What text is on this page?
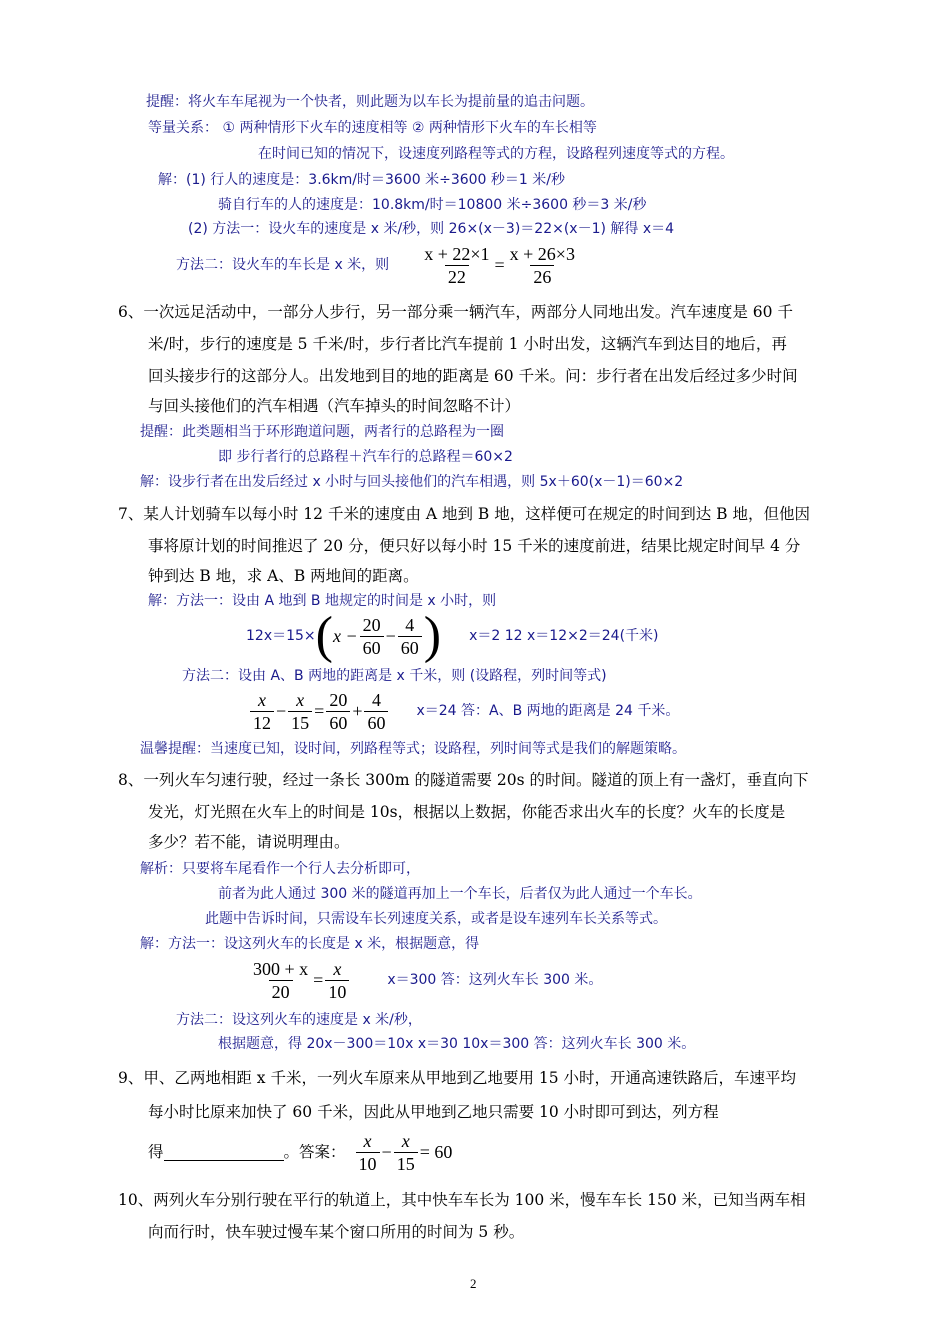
提醒：将火车车尾视为一个快者，则此题为以车长为提前量的追击问题。
等量关系： ① 两种情形下火车的速度相等 ② 两种情形下火车的车长相等
在时间已知的情况下，设速度列路程等式的方程，设路程列速度等式的方程。
解：(1) 行人的速度是：3.6km/时＝3600 米÷3600 秒＝1 米/秒
骑自行车的人的速度是：10.8km/时＝10800 米÷3600 秒＝3 米/秒
(2) 方法一：设火车的速度是 x 米/秒，则 26×(x－3)＝22×(x－1) 解得 x＝4
方法二：设火车的车长是 x 米，则 $\frac{x + 22\times 1}{22} = \frac{x + 26\times 3}{26}$
6、一次远足活动中，一部分人步行，另一部分乘一辆汽车，两部分人同地出发。汽车速度是 60 千
米/时，步行的速度是 5 千米/时，步行者比汽车提前 1 小时出发，这辆汽车到达目的地后，再
回头接步行的这部分人。出发地到目的地的距离是 60 千米。问：步行者在出发后经过多少时间
与回头接他们的汽车相遇（汽车掉头的时间忽略不计）
提醒：此类题相当于环形跑道问题，两者行的总路程为一圈
即 步行者行的总路程＋汽车行的总路程＝60×2
解：设步行者在出发后经过 x 小时与回头接他们的汽车相遇，则 5x＋60(x－1)＝60×2
7、某人计划骑车以每小时 12 千米的速度由 A 地到 B 地，这样便可在规定的时间到达 B 地，但他因
事将原计划的时间推迟了 20 分，便只好以每小时 15 千米的速度前进，结果比规定时间早 4 分
钟到达 B 地，求 A、B 两地间的距离。
解：方法一：设由 A 地到 B 地规定的时间是 x 小时，则
12x＝15× ( $x - \frac{20}{60} - \frac{4}{60}$ ) x＝2 12 x＝12×2＝24(千米)
方法二：设由 A、B 两地的距离是 x 千米，则 (设路程，列时间等式)
$\frac{x}{12} - \frac{x}{15} = \frac{20}{60} + \frac{4}{60} x=24$ 答：A、B 两地的距离是 24 千米。
温馨提醒：当速度已知，设时间，列路程等式；设路程，列时间等式是我们的解题策略。
8、一列火车匀速行驶，经过一条长 300m 的隧道需要 20s 的时间。隧道的顶上有一盏灯，垂直向下
发光，灯光照在火车上的时间是 10s，根据以上数据，你能否求出火车的长度？火车的长度是
多少？若不能，请说明理由。
解析：只要将车尾看作一个行人去分析即可，
前者为此人通过 300 米的隧道再加上一个车长，后者仅为此人通过一个车长。
此题中告诉时间，只需设车长列速度关系，或者是设车速列车长关系等式。
解：方法一：设这列火车的长度是 x 米，根据题意，得
$\frac{300 + x}{20} = \frac{x}{10}$	x＝300 答：这列火车长 300 米。
方法二：设这列火车的速度是 x 米/秒，
根据题意，得 20x－300＝10x x＝30 10x＝300 答：这列火车长 300 米。
9、甲、乙两地相距 x 千米，一列火车原来从甲地到乙地要用 15 小时，开通高速铁路后，车速平均
每小时比原来加快了 60 千米，因此从甲地到乙地只需要 10 小时即可到达，列方程
得	。答案： $\frac{x}{10} - \frac{x}{15} = 60$
10、两列火车分别行驶在平行的轨道上，其中快车车长为 100 米，慢车车长 150 米，已知当两车相
向而行时，快车驶过慢车某个窗口所用的时间为 5 秒。
2
